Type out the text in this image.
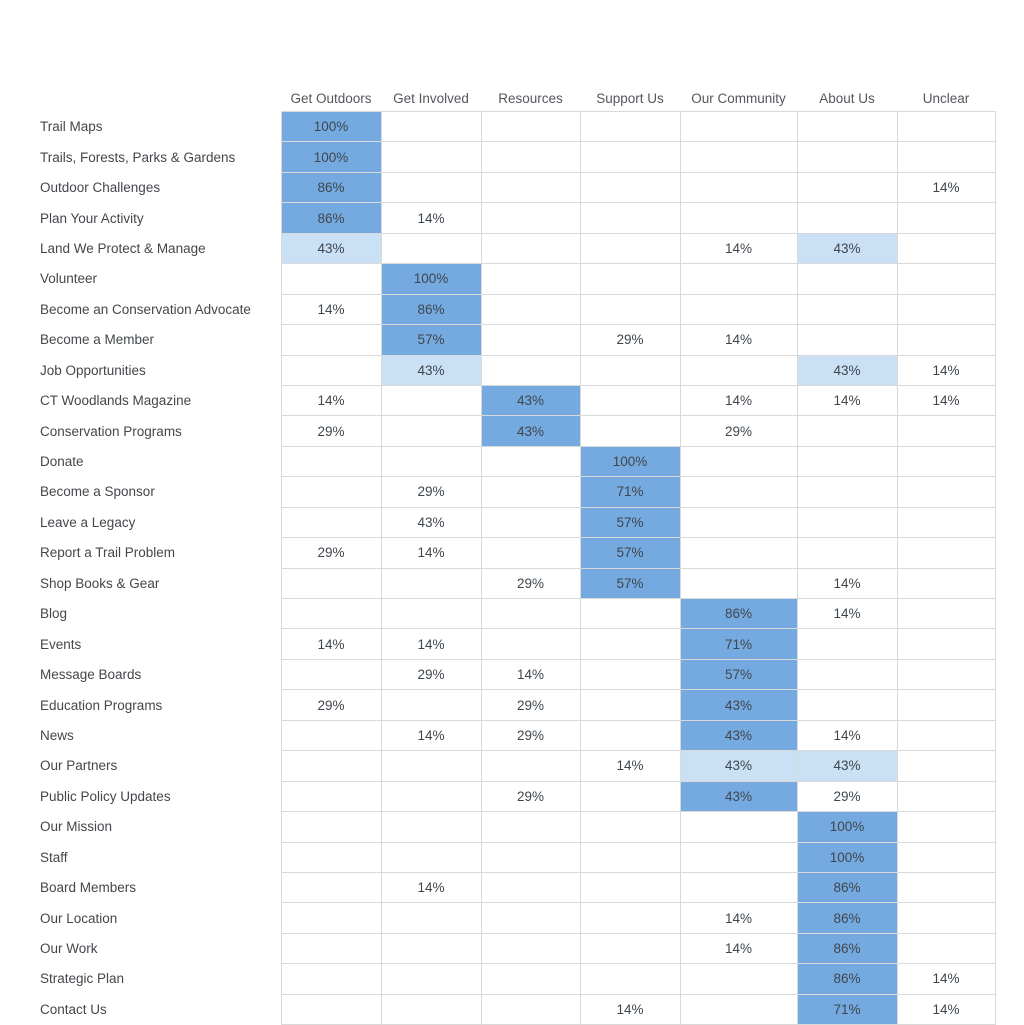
	Get Outdoors	Get Involved	Resources	Support Us	Our Community	About Us	Unclear
Trail Maps	100%						
Trails, Forests, Parks & Gardens	100%						
Outdoor Challenges	86%						14%
Plan Your Activity	86%	14%					
Land We Protect & Manage	43%				14%	43%	
Volunteer		100%					
Become an Conservation Advocate	14%	86%					
Become a Member		57%		29%	14%		
Job Opportunities		43%				43%	14%
CT Woodlands Magazine	14%		43%		14%	14%	14%
Conservation Programs	29%		43%		29%		
Donate				100%			
Become a Sponsor		29%		71%			
Leave a Legacy		43%		57%			
Report a Trail Problem	29%	14%		57%			
Shop Books & Gear			29%	57%		14%	
Blog					86%	14%	
Events	14%	14%			71%		
Message Boards		29%	14%		57%		
Education Programs	29%		29%		43%		
News		14%	29%		43%	14%	
Our Partners				14%	43%	43%	
Public Policy Updates			29%		43%	29%	
Our Mission						100%	
Staff						100%	
Board Members		14%				86%	
Our Location					14%	86%	
Our Work					14%	86%	
Strategic Plan						86%	14%
Contact Us				14%		71%	14%
